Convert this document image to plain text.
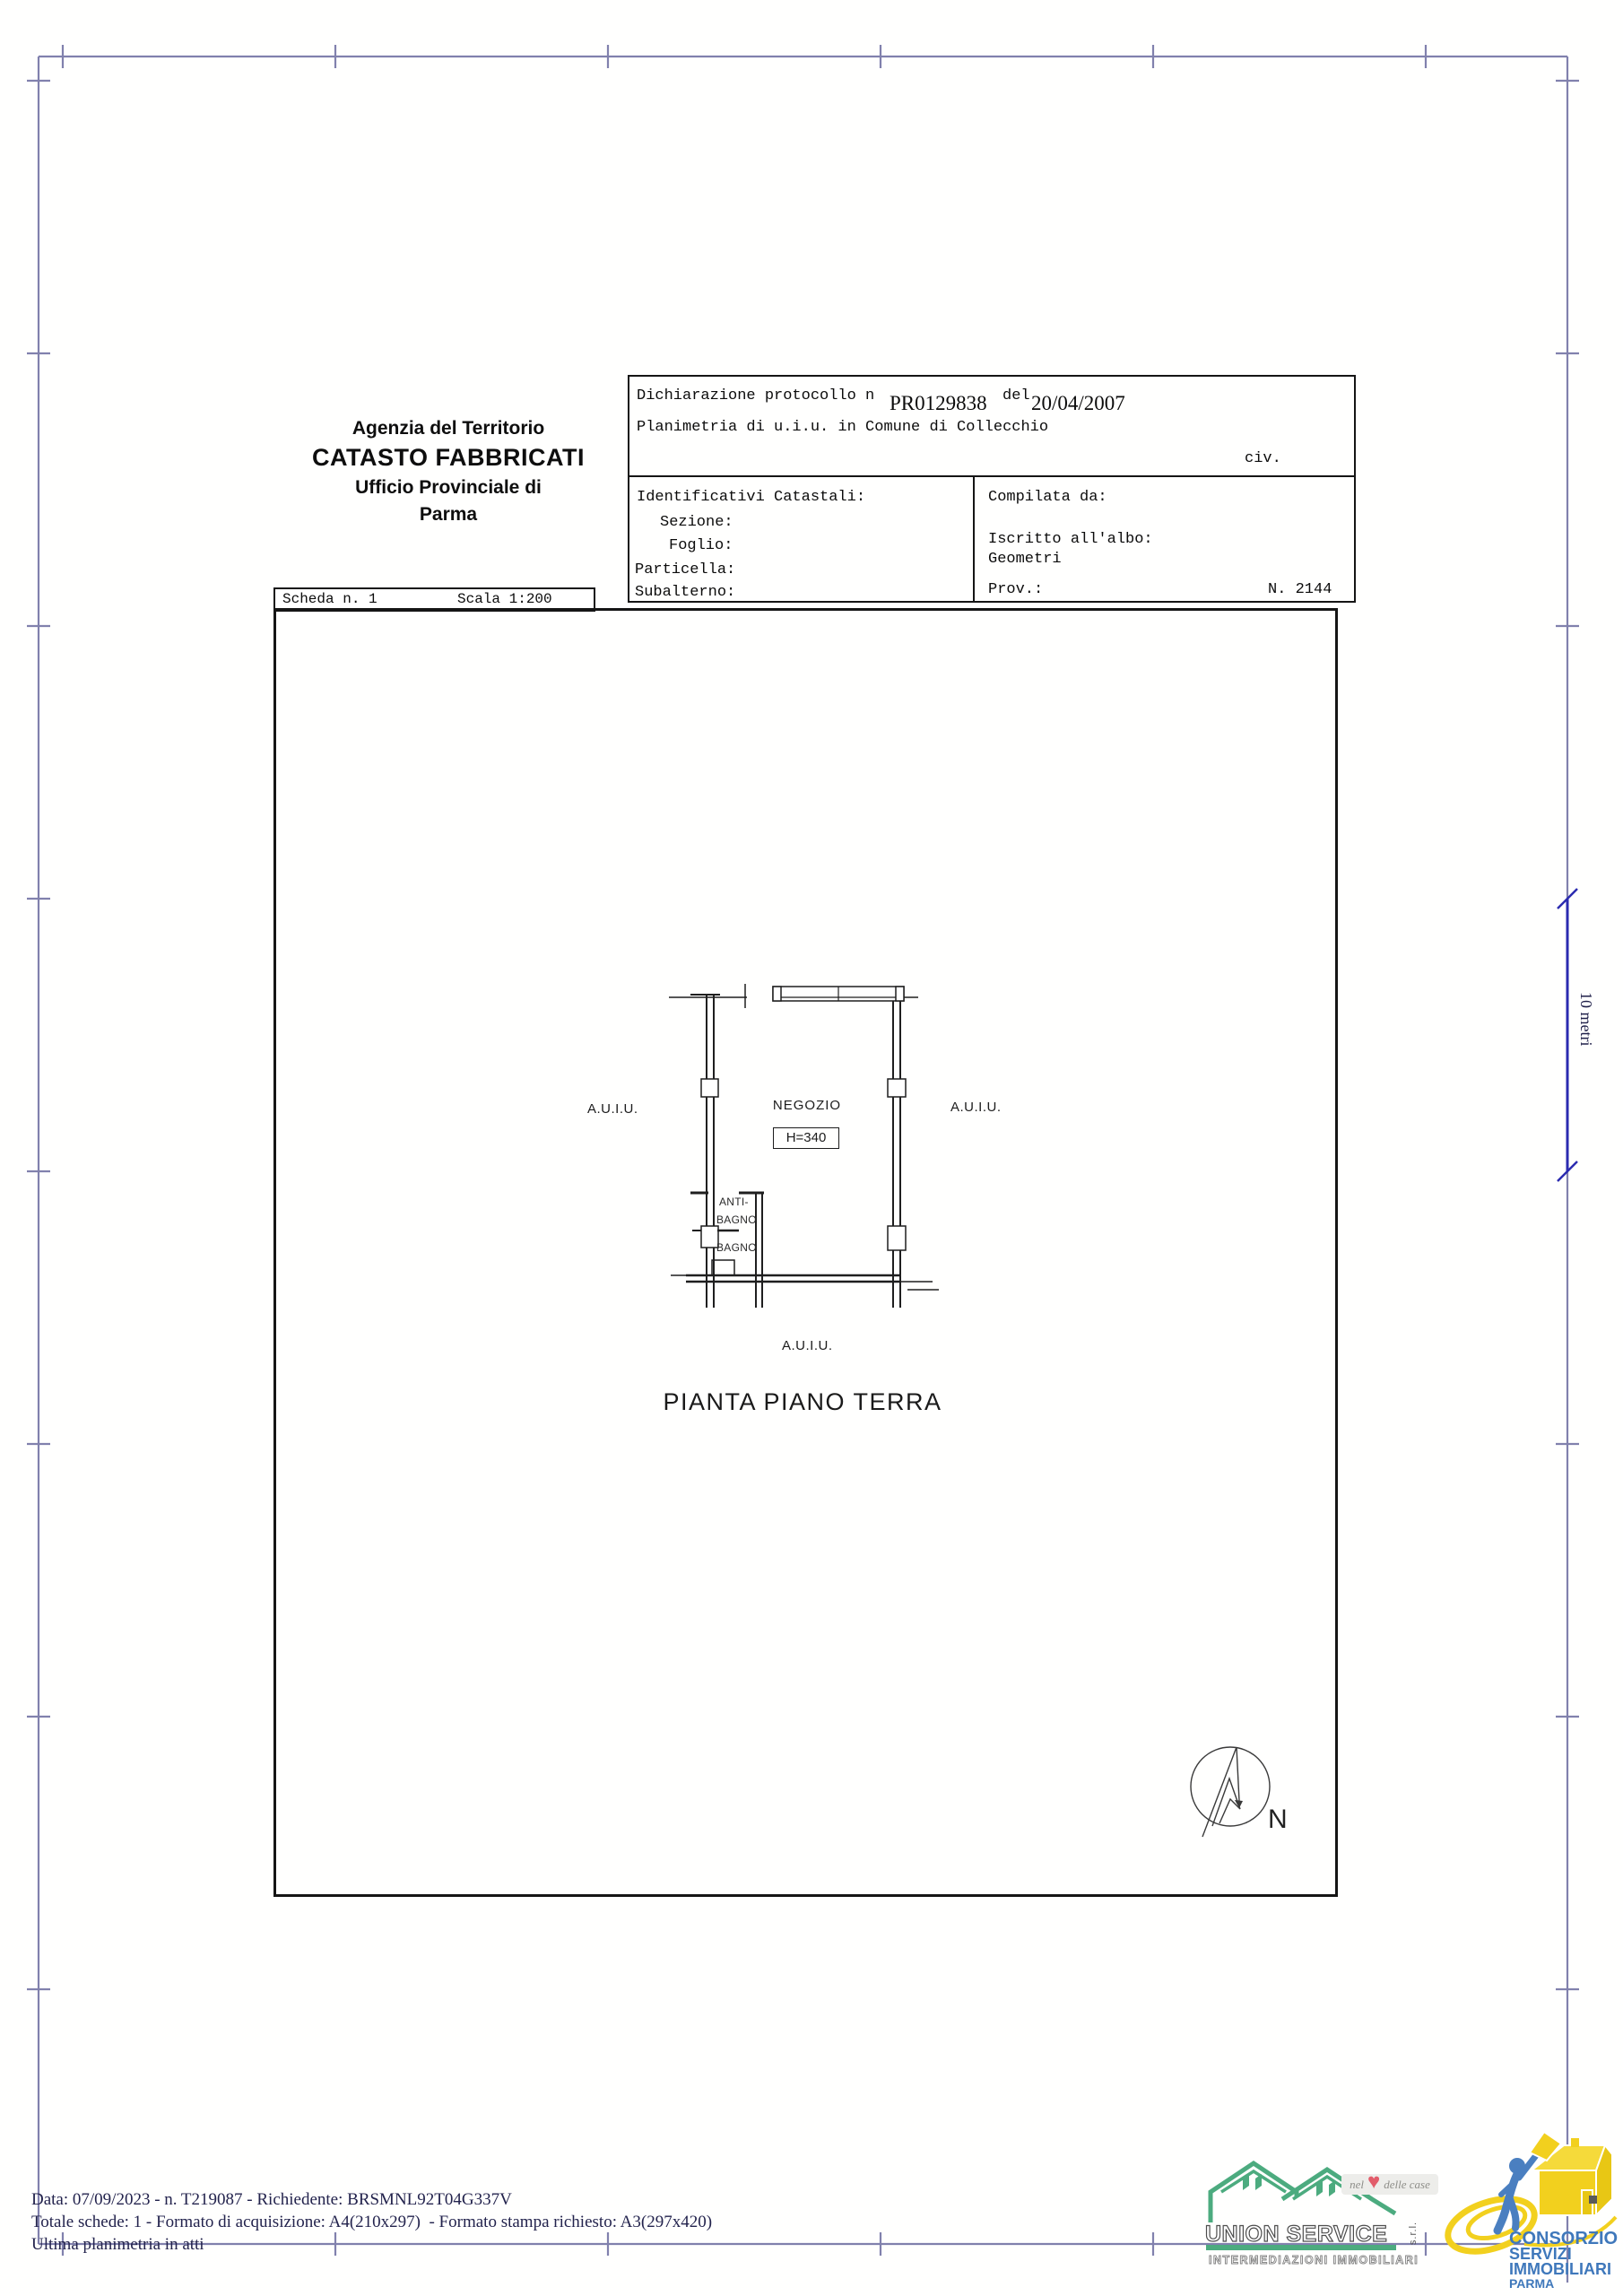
Agenzia del Territorio
CATASTO FABBRICATI
Ufficio Provinciale di
Parma
Dichiarazione protocollo n PR0129838 del 20/04/2007
Planimetria di u.i.u. in Comune di Collecchio
civ.
Identificativi Catastali:
Sezione:
Foglio:
Particella:
Subalterno:
Compilata da:
Iscritto all'albo:
Geometri
Prov.:	N. 2144
Scheda n. 1	Scala 1:200
NEGOZIO
H=340
A.U.I.U.	A.U.I.U.
A.U.I.U.
ANTI-
BAGNO
BAGNO
PIANTA PIANO TERRA
N
10 metri
Data: 07/09/2023 - n. T219087 - Richiedente: BRSMNL92T04G337V
Totale schede: 1 - Formato di acquisizione: A4(210x297)  - Formato stampa richiesto: A3(297x420)
Ultima planimetria in atti
nel ♥ delle case
UNION SERVICE s.r.l.
INTERMEDIAZIONI IMMOBILIARI
CONSORZIO
SERVIZI
IMMOBILIARI
PARMA
